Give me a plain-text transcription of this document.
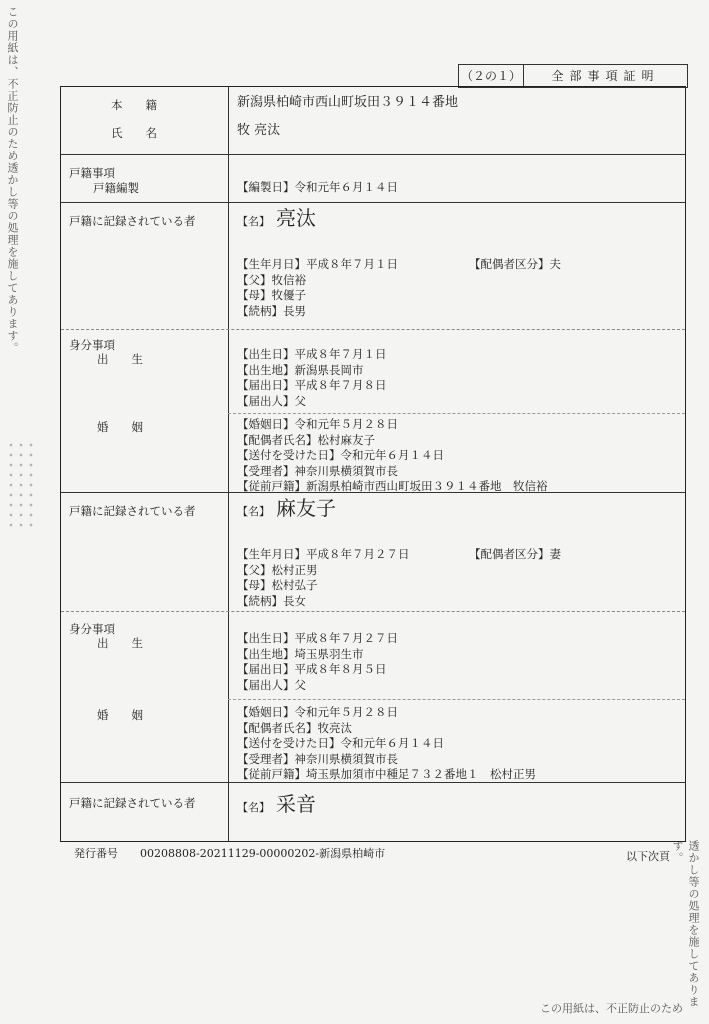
この用紙は、不正防止のため透かし等の処理を施してあります。
透かし等の処理を施してあります。
この用紙は、不正防止のため
（２の１）	全部事項証明
本　　籍	新潟県柏崎市西山町坂田３９１４番地
氏　　名	牧 亮汰
戸籍事項
戸籍編製	【編製日】令和元年６月１４日
戸籍に記録されている者	【名】 亮汰
【生年月日】平成８年７月１日	【配偶者区分】夫
【父】牧信裕
【母】牧優子
【続柄】長男
身分事項
出　　生	【出生日】平成８年７月１日
【出生地】新潟県長岡市
【届出日】平成８年７月８日
【届出人】父
婚　　姻	【婚姻日】令和元年５月２８日
【配偶者氏名】松村麻友子
【送付を受けた日】令和元年６月１４日
【受理者】神奈川県横須賀市長
【従前戸籍】新潟県柏崎市西山町坂田３９１４番地　牧信裕
戸籍に記録されている者	【名】 麻友子
【生年月日】平成８年７月２７日	【配偶者区分】妻
【父】松村正男
【母】松村弘子
【続柄】長女
身分事項
出　　生	【出生日】平成８年７月２７日
【出生地】埼玉県羽生市
【届出日】平成８年８月５日
【届出人】父
婚　　姻	【婚姻日】令和元年５月２８日
【配偶者氏名】牧亮汰
【送付を受けた日】令和元年６月１４日
【受理者】神奈川県横須賀市長
【従前戸籍】埼玉県加須市中種足７３２番地１　松村正男
戸籍に記録されている者	【名】 采音
発行番号 00208808-20211129-00000202-新潟県柏崎市	以下次頁
